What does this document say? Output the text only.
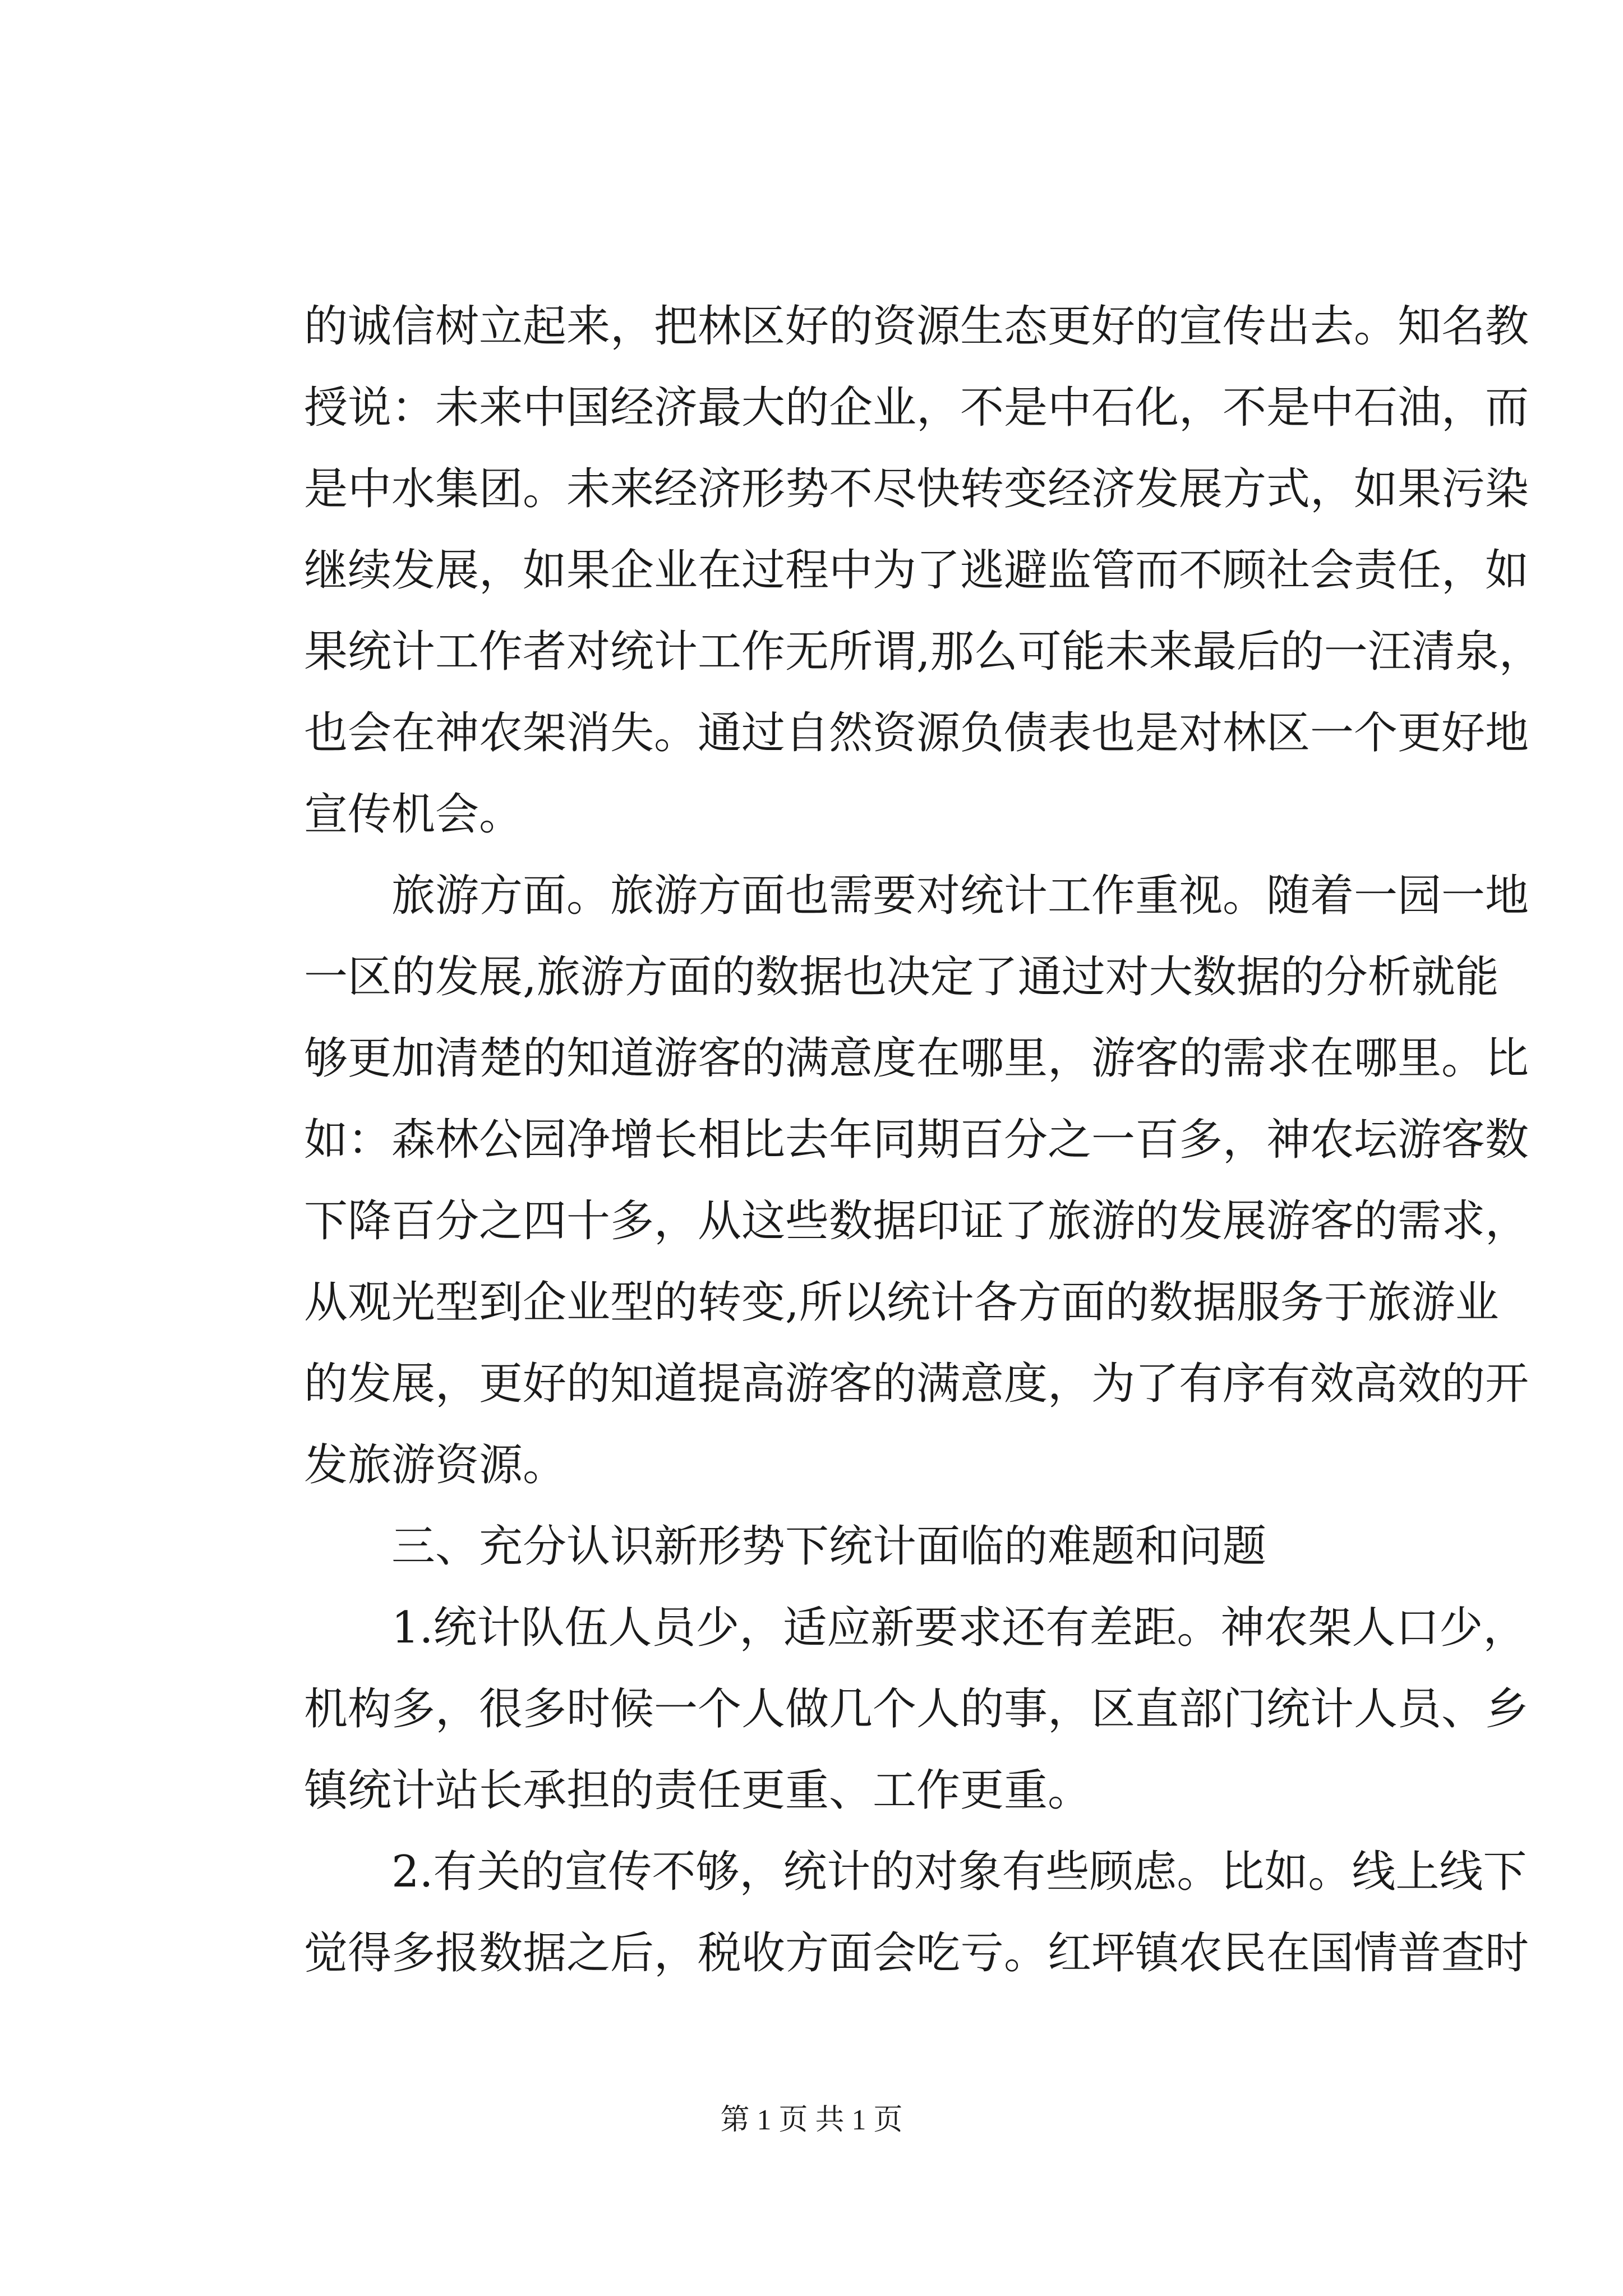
的诚信树立起来，把林区好的资源生态更好的宣传出去。知名教
授说：未来中国经济最大的企业，不是中石化，不是中石油，而
是中水集团。未来经济形势不尽快转变经济发展方式，如果污染
继续发展，如果企业在过程中为了逃避监管而不顾社会责任，如
果统计工作者对统计工作无所谓,那么可能未来最后的一汪清泉，
也会在神农架消失。通过自然资源负债表也是对林区一个更好地
宣传机会。
旅游方面。旅游方面也需要对统计工作重视。随着一园一地
一区的发展,旅游方面的数据也决定了通过对大数据的分析就能
够更加清楚的知道游客的满意度在哪里，游客的需求在哪里。比
如：森林公园净增长相比去年同期百分之一百多，神农坛游客数
下降百分之四十多，从这些数据印证了旅游的发展游客的需求，
从观光型到企业型的转变,所以统计各方面的数据服务于旅游业
的发展，更好的知道提高游客的满意度，为了有序有效高效的开
发旅游资源。
三、充分认识新形势下统计面临的难题和问题
1.统计队伍人员少，适应新要求还有差距。神农架人口少，
机构多，很多时候一个人做几个人的事，区直部门统计人员、乡
镇统计站长承担的责任更重、工作更重。
2.有关的宣传不够，统计的对象有些顾虑。比如。线上线下
觉得多报数据之后，税收方面会吃亏。红坪镇农民在国情普查时
第 1 页 共 1 页
